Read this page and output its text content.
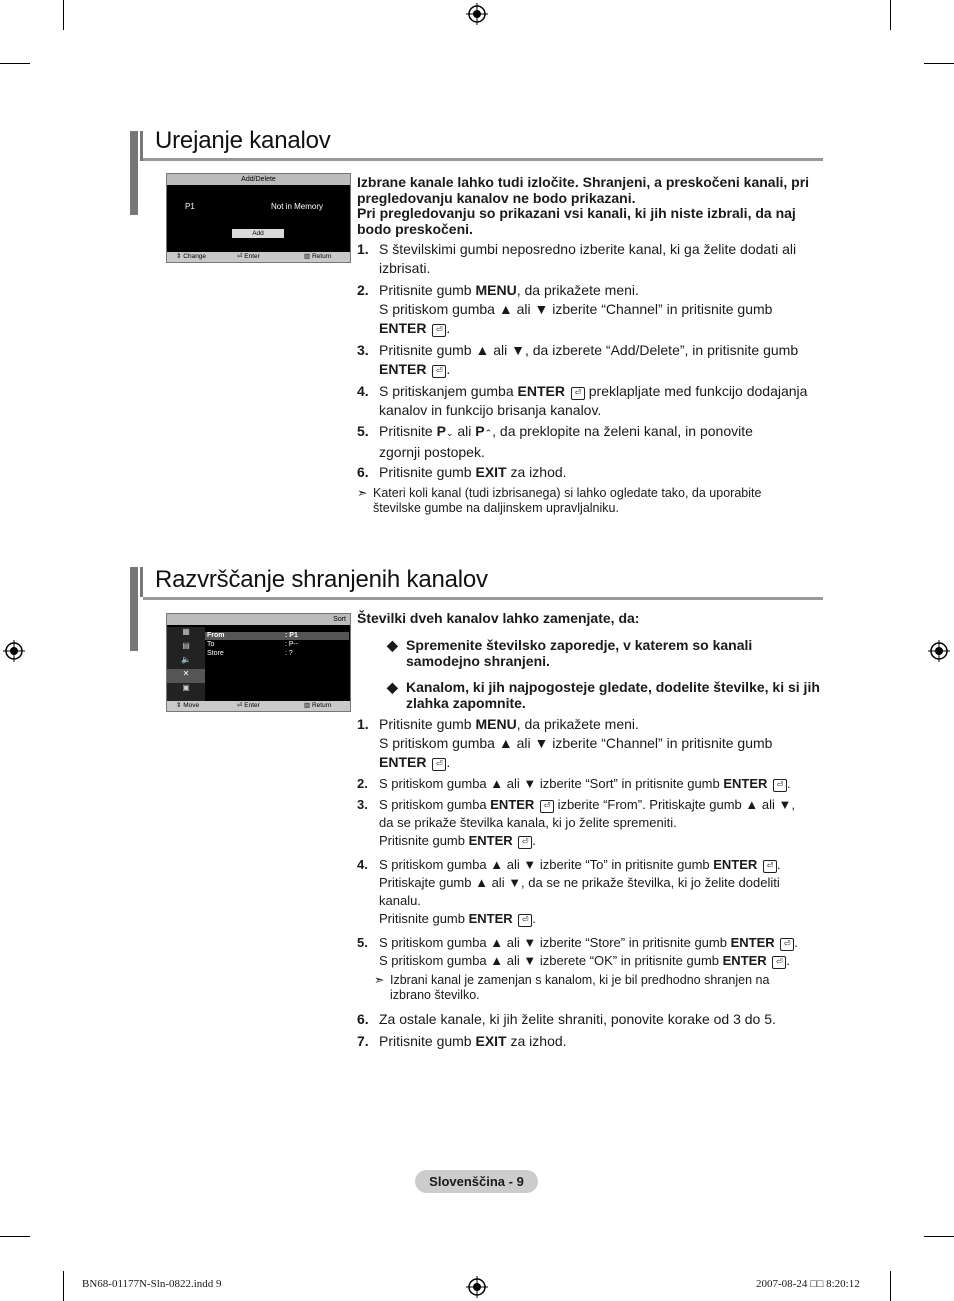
Urejanje kanalov
Add/Delete
P1	Not in Memory
Add
⇕ Change	⏎ Enter	▥ Return
Izbrane kanale lahko tudi izločite. Shranjeni, a preskočeni kanali, pri pregledovanju kanalov ne bodo prikazani.
Pri pregledovanju so prikazani vsi kanali, ki jih niste izbrali, da naj bodo preskočeni.
1. S številskimi gumbi neposredno izberite kanal, ki ga želite dodati ali
izbrisati.
2. Pritisnite gumb MENU, da prikažete meni.
S pritiskom gumba ▲ ali ▼ izberite “Channel” in pritisnite gumb
ENTER ⏎ .
3. Pritisnite gumb ▲ ali ▼, da izberete “Add/Delete”, in pritisnite gumb
ENTER ⏎ .
4. S pritiskanjem gumba ENTER ⏎ preklapljate med funkcijo dodajanja
kanalov in funkcijo brisanja kanalov.
5. Pritisnite P⌄ ali P⌃, da preklopite na želeni kanal, in ponovite
zgornji postopek.
6. Pritisnite gumb EXIT za izhod.
➣ Kateri koli kanal (tudi izbrisanega) si lahko ogledate tako, da uporabite številske gumbe na daljinskem upravljalniku.
Razvrščanje shranjenih kanalov
Sort
▦
▤
🔈
✕
▣
From	: P1
To	: P--
Store	: ?
⇕ Move	⏎ Enter	▥ Return
Številki dveh kanalov lahko zamenjate, da:
◆ Spremenite številsko zaporedje, v katerem so kanali samodejno shranjeni.
◆ Kanalom, ki jih najpogosteje gledate, dodelite številke, ki si jih zlahka zapomnite.
1. Pritisnite gumb MENU, da prikažete meni.
S pritiskom gumba ▲ ali ▼ izberite “Channel” in pritisnite gumb
ENTER ⏎ .
2. S pritiskom gumba ▲ ali ▼ izberite “Sort” in pritisnite gumb ENTER ⏎ .
3. S pritiskom gumba ENTER ⏎ izberite “From”. Pritiskajte gumb ▲ ali ▼,
da se prikaže številka kanala, ki jo želite spremeniti.
Pritisnite gumb ENTER ⏎ .
4. S pritiskom gumba ▲ ali ▼ izberite “To” in pritisnite gumb ENTER ⏎ .
Pritiskajte gumb ▲ ali ▼, da se ne prikaže številka, ki jo želite dodeliti
kanalu.
Pritisnite gumb ENTER ⏎ .
5. S pritiskom gumba ▲ ali ▼ izberite “Store” in pritisnite gumb ENTER ⏎ .
S pritiskom gumba ▲ ali ▼ izberete “OK” in pritisnite gumb ENTER ⏎ .
➣ Izbrani kanal je zamenjan s kanalom, ki je bil predhodno shranjen na izbrano številko.
6. Za ostale kanale, ki jih želite shraniti, ponovite korake od 3 do 5.
7. Pritisnite gumb EXIT za izhod.
Slovenščina - 9
BN68-01177N-Sln-0822.indd 9	2007-08-24 □□ 8:20:12
